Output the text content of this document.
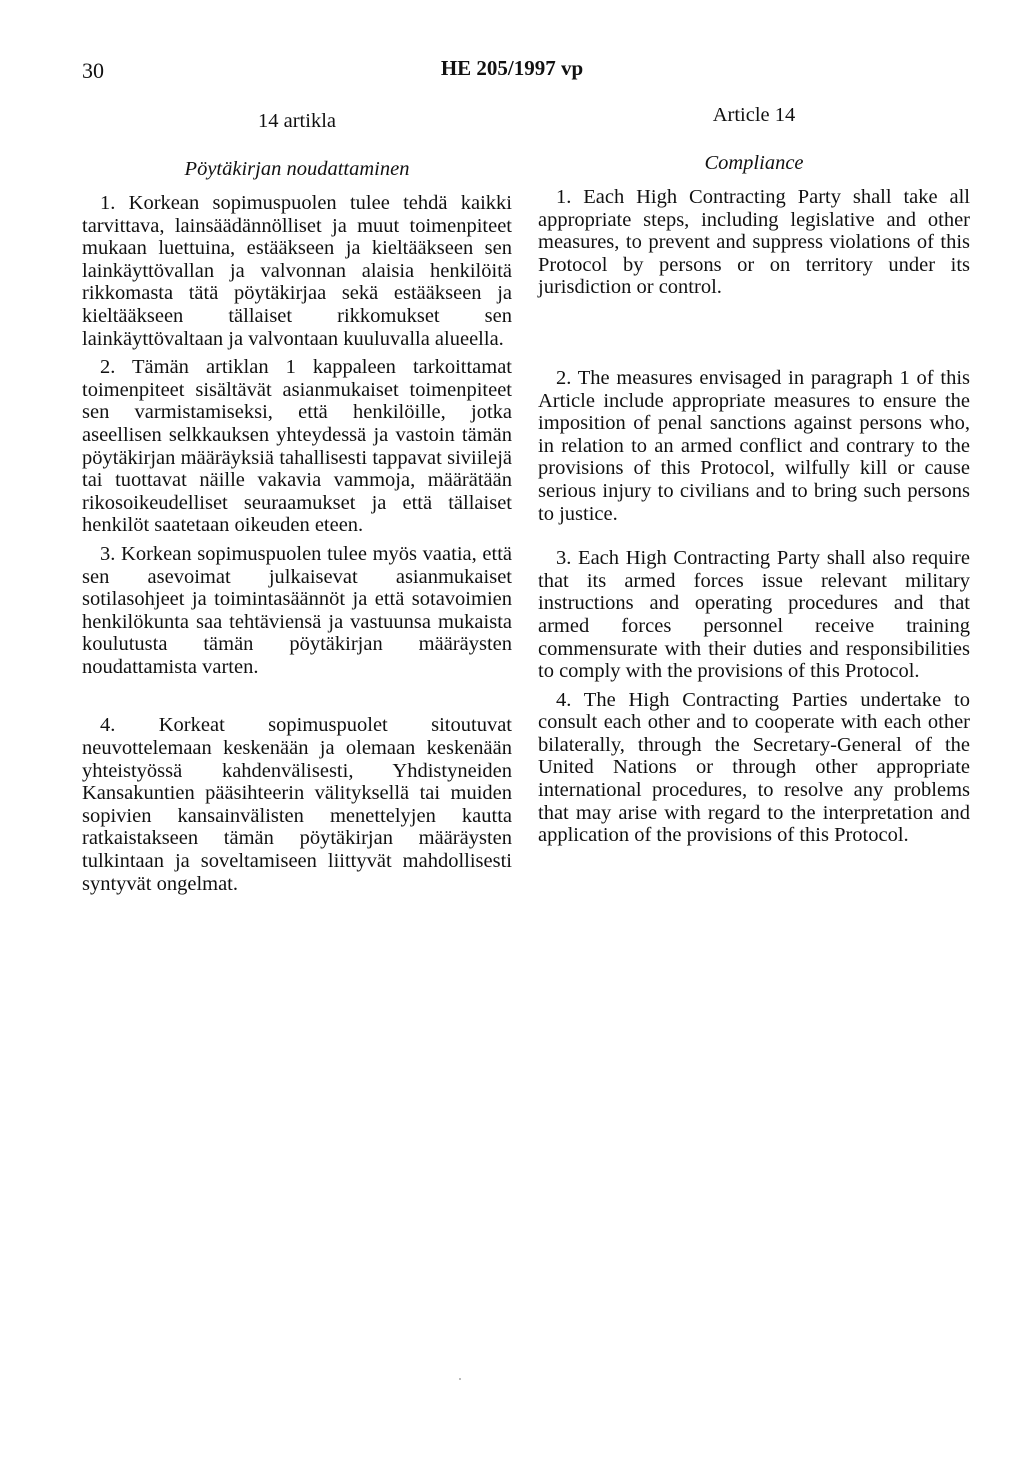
30	HE 205/1997 vp

14 artikla

Pöytäkirjan noudattaminen

1. Korkean sopimuspuolen tulee tehdä kaikki tarvittava, lainsäädännölliset ja muut toimenpiteet mukaan luettuina, estääkseen ja kieltääkseen sen lainkäyttövallan ja valvonnan alaisia henkilöitä rikkomasta tätä pöytäkirjaa sekä estääkseen ja kieltääkseen tällaiset rikkomukset sen lainkäyttövaltaan ja valvontaan kuuluvalla alueella.

2. Tämän artiklan 1 kappaleen tarkoittamat toimenpiteet sisältävät asianmukaiset toimenpiteet sen varmistamiseksi, että henkilöille, jotka aseellisen selkkauksen yhteydessä ja vastoin tämän pöytäkirjan määräyksiä tahallisesti tappavat siviilejä tai tuottavat näille vakavia vammoja, määrätään rikosoikeudelliset seuraamukset ja että tällaiset henkilöt saatetaan oikeuden eteen.

3. Korkean sopimuspuolen tulee myös vaatia, että sen asevoimat julkaisevat asianmukaiset sotilasohjeet ja toimintasäännöt ja että sotavoimien henkilökunta saa tehtäviensä ja vastuunsa mukaista koulutusta tämän pöytäkirjan määräysten noudattamista varten.

4. Korkeat sopimuspuolet sitoutuvat neuvottelemaan keskenään ja olemaan keskenään yhteistyössä kahdenvälisesti, Yhdistyneiden Kansakuntien pääsihteerin välityksellä tai muiden sopivien kansainvälisten menettelyjen kautta ratkaistakseen tämän pöytäkirjan määräysten tulkintaan ja soveltamiseen liittyvät mahdollisesti syntyvät ongelmat.

Article 14

Compliance

1. Each High Contracting Party shall take all appropriate steps, including legislative and other measures, to prevent and suppress violations of this Protocol by persons or on territory under its jurisdiction or control.

2. The measures envisaged in paragraph 1 of this Article include appropriate measures to ensure the imposition of penal sanctions against persons who, in relation to an armed conflict and contrary to the provisions of this Protocol, wilfully kill or cause serious injury to civilians and to bring such persons to justice.

3. Each High Contracting Party shall also require that its armed forces issue relevant military instructions and operating procedures and that armed forces personnel receive training commensurate with their duties and responsibilities to comply with the provisions of this Protocol.

4. The High Contracting Parties undertake to consult each other and to cooperate with each other bilaterally, through the Secretary-General of the United Nations or through other appropriate international procedures, to resolve any problems that may arise with regard to the interpretation and application of the provisions of this Protocol.
